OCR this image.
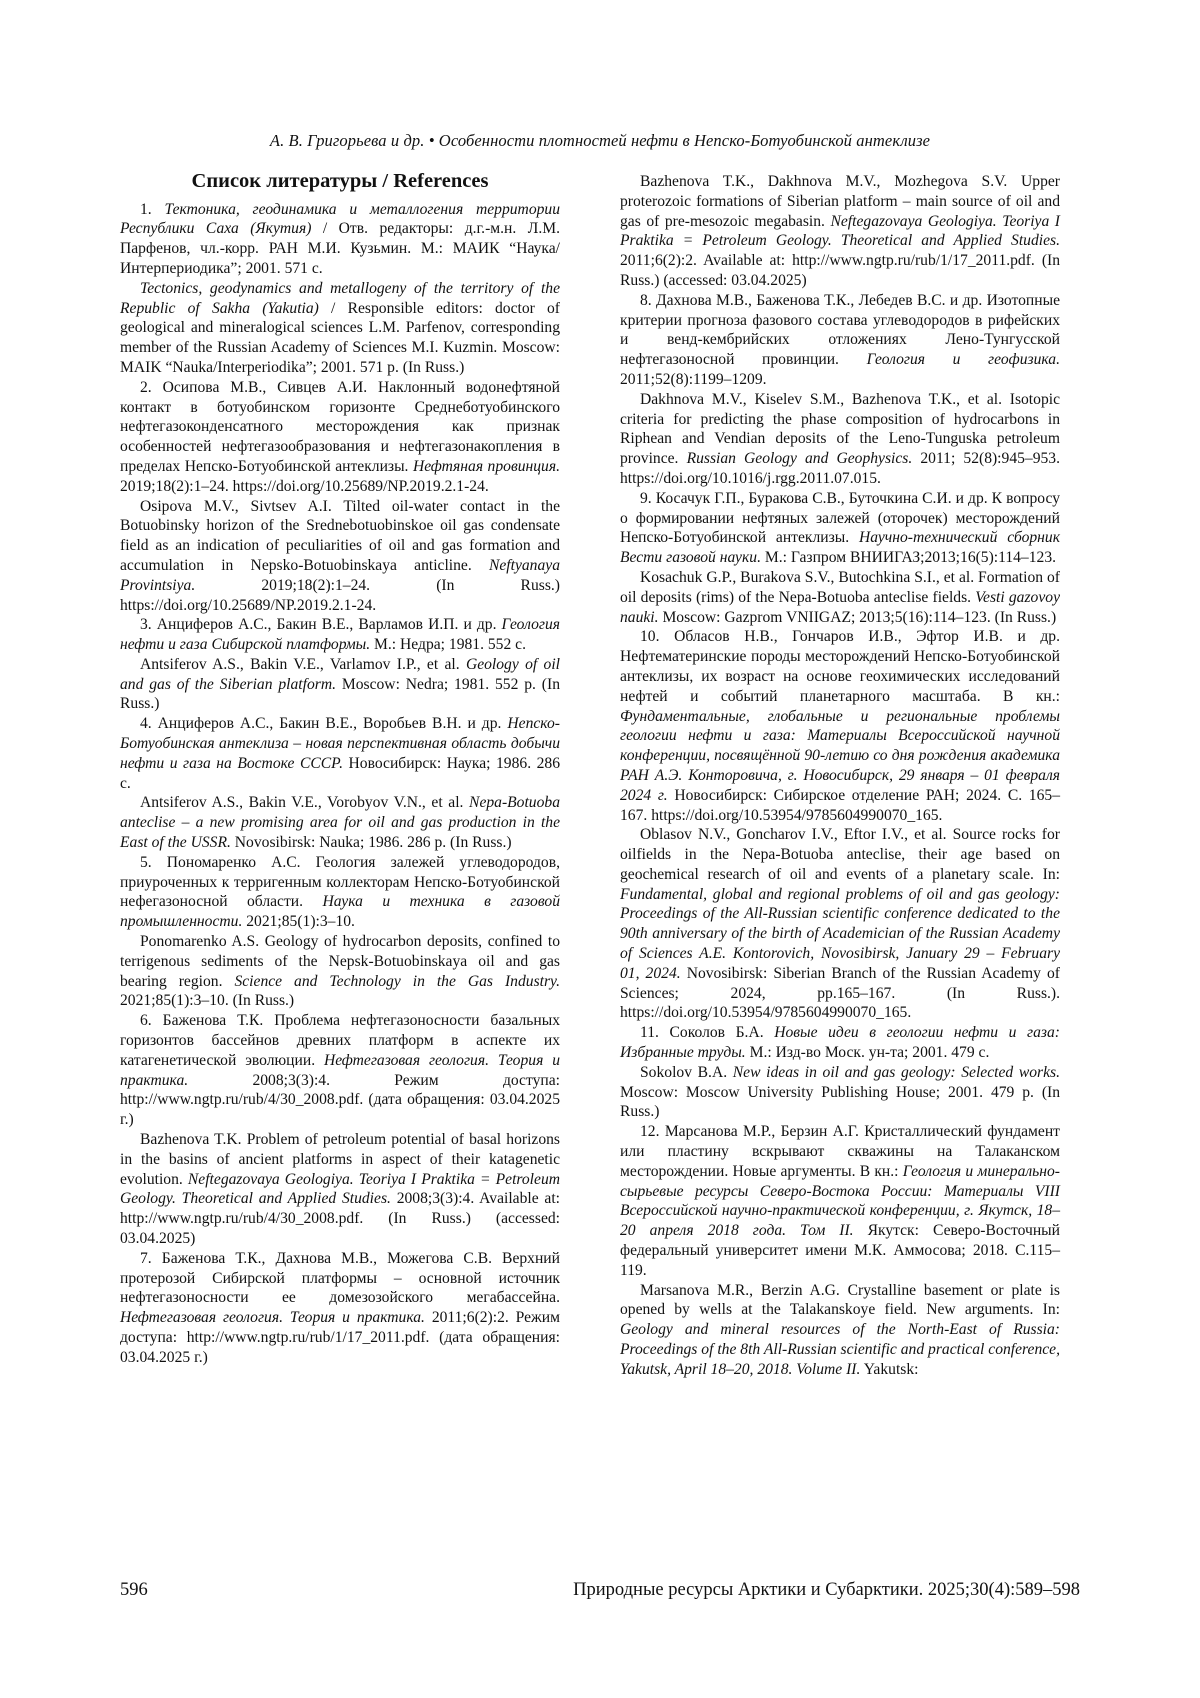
А. В. Григорьева и др. • Особенности плотностей нефти в Непско-Ботуобинской антеклизе
Список литературы / References

1. Тектоника, геодинамика и металлогения территории Республики Саха (Якутия) / Отв. редакторы: д.г.-м.н. Л.М. Парфенов, чл.-корр. РАН М.И. Кузьмин. М.: МАИК “Наука/Интерпериодика”; 2001. 571 с.

Tectonics, geodynamics and metallogeny of the territory of the Republic of Sakha (Yakutia) / Responsible editors: doctor of geological and mineralogical sciences L.M. Parfenov, corresponding member of the Russian Academy of Sciences M.I. Kuzmin. Moscow: MAIK “Nauka/Interperiodika”; 2001. 571 p. (In Russ.)

2. Осипова М.В., Сивцев А.И. Наклонный водонефтяной контакт в ботуобинском горизонте Среднеботуобинского нефтегазоконденсатного месторождения как признак особенностей нефтегазообразования и нефтегазонакопления в пределах Непско-Ботуобинской антеклизы. Нефтяная провинция. 2019;18(2):1–24. https://doi.org/10.25689/NP.2019.2.1-24.

Osipova M.V., Sivtsev A.I. Tilted oil-water contact in the Botuobinsky horizon of the Srednebotuobinskoe oil gas condensate field as an indication of peculiarities of oil and gas formation and accumulation in Nepsko-Botuobinskaya anticline. Neftyanaya Provintsiya. 2019;18(2):1–24. (In Russ.) https://doi.org/10.25689/NP.2019.2.1-24.

3. Анциферов А.С., Бакин В.Е., Варламов И.П. и др. Геология нефти и газа Сибирской платформы. М.: Недра; 1981. 552 с.

Antsiferov A.S., Bakin V.E., Varlamov I.P., et al. Geology of oil and gas of the Siberian platform. Moscow: Nedra; 1981. 552 p. (In Russ.)

4. Анциферов А.С., Бакин В.Е., Воробьев В.Н. и др. Непско-Ботуобинская антеклиза – новая перспективная область добычи нефти и газа на Востоке СССР. Новосибирск: Наука; 1986. 286 с.

Antsiferov A.S., Bakin V.E., Vorobyov V.N., et al. Nepa-Botuoba anteclise – a new promising area for oil and gas production in the East of the USSR. Novosibirsk: Nauka; 1986. 286 p. (In Russ.)

5. Пономаренко А.С. Геология залежей углеводородов, приуроченных к терригенным коллекторам Непско-Ботуобинской нефегазоносной области. Наука и техника в газовой промышленности. 2021;85(1):3–10.

Ponomarenko A.S. Geology of hydrocarbon deposits, confined to terrigenous sediments of the Nepsk-Botuobinskaya oil and gas bearing region. Science and Technology in the Gas Industry. 2021;85(1):3–10. (In Russ.)

6. Баженова Т.К. Проблема нефтегазоносности базальных горизонтов бассейнов древних платформ в аспекте их катагенетической эволюции. Нефтегазовая геология. Теория и практика. 2008;3(3):4. Режим доступа: http://www.ngtp.ru/rub/4/30_2008.pdf. (дата обращения: 03.04.2025 г.)

Bazhenova T.K. Problem of petroleum potential of basal horizons in the basins of ancient platforms in aspect of their katagenetic evolution. Neftegazovaya Geologiya. Teoriya I Praktika = Petroleum Geology. Theoretical and Applied Studies. 2008;3(3):4. Available at: http://www.ngtp.ru/rub/4/30_2008.pdf. (In Russ.) (accessed: 03.04.2025)

7. Баженова Т.К., Дахнова М.В., Можегова С.В. Верхний протерозой Сибирской платформы – основной источник нефтегазоносности ее домезозойского мегабассейна. Нефтегазовая геология. Теория и практика. 2011;6(2):2. Режим доступа: http://www.ngtp.ru/rub/1/17_2011.pdf. (дата обращения: 03.04.2025 г.)

Bazhenova T.K., Dakhnova M.V., Mozhegova S.V. Upper proterozoic formations of Siberian platform – main source of oil and gas of pre-mesozoic megabasin. Neftegazovaya Geologiya. Teoriya I Praktika = Petroleum Geology. Theoretical and Applied Studies. 2011;6(2):2. Available at: http://www.ngtp.ru/rub/1/17_2011.pdf. (In Russ.) (accessed: 03.04.2025)

8. Дахнова М.В., Баженова Т.К., Лебедев В.С. и др. Изотопные критерии прогноза фазового состава углеводородов в рифейских и венд-кембрийских отложениях Лено-Тунгусской нефтегазоносной провинции. Геология и геофизика. 2011;52(8):1199–1209.

Dakhnova M.V., Kiselev S.M., Bazhenova T.K., et al. Isotopic criteria for predicting the phase composition of hydrocarbons in Riphean and Vendian deposits of the Leno-Tunguska petroleum province. Russian Geology and Geophysics. 2011; 52(8):945–953. https://doi.org/10.1016/j.rgg.2011.07.015.

9. Косачук Г.П., Буракова С.В., Буточкина С.И. и др. К вопросу о формировании нефтяных залежей (оторочек) месторождений Непско-Ботуобинской антеклизы. Научно-технический сборник Вести газовой науки. М.: Газпром ВНИИГАЗ;2013;16(5):114–123.

Kosachuk G.P., Burakova S.V., Butochkina S.I., et al. Formation of oil deposits (rims) of the Nepa-Botuoba anteclise fields. Vesti gazovoy nauki. Moscow: Gazprom VNIIGAZ; 2013;5(16):114–123. (In Russ.)

10. Обласов Н.В., Гончаров И.В., Эфтор И.В. и др. Нефтематеринские породы месторождений Непско-Ботуобинской антеклизы, их возраст на основе геохимических исследований нефтей и событий планетарного масштаба. В кн.: Фундаментальные, глобальные и региональные проблемы геологии нефти и газа: Материалы Всероссийской научной конференции, посвящённой 90-летию со дня рождения академика РАН А.Э. Конторовича, г. Новосибирск, 29 января – 01 февраля 2024 г. Новосибирск: Сибирское отделение РАН; 2024. С. 165–167. https://doi.org/10.53954/9785604990070_165.

Oblasov N.V., Goncharov I.V., Eftor I.V., et al. Source rocks for oilfields in the Nepa-Botuoba anteclise, their age based on geochemical research of oil and events of a planetary scale. In: Fundamental, global and regional problems of oil and gas geology: Proceedings of the All-Russian scientific conference dedicated to the 90th anniversary of the birth of Academician of the Russian Academy of Sciences A.E. Kontorovich, Novosibirsk, January 29 – February 01, 2024. Novosibirsk: Siberian Branch of the Russian Academy of Sciences; 2024, pp.165–167. (In Russ.). https://doi.org/10.53954/9785604990070_165.

11. Соколов Б.А. Новые идеи в геологии нефти и газа: Избранные труды. М.: Изд-во Моск. ун-та; 2001. 479 с.

Sokolov B.A. New ideas in oil and gas geology: Selected works. Moscow: Moscow University Publishing House; 2001. 479 p. (In Russ.)

12. Марсанова М.Р., Берзин А.Г. Кристаллический фундамент или пластину вскрывают скважины на Талаканском месторождении. Новые аргументы. В кн.: Геология и минерально-сырьевые ресурсы Северо-Востока России: Материалы VIII Всероссийской научно-практической конференции, г. Якутск, 18–20 апреля 2018 года. Том II. Якутск: Северо-Восточный федеральный университет имени М.К. Аммосова; 2018. С.115–119.

Marsanova M.R., Berzin A.G. Crystalline basement or plate is opened by wells at the Talakanskoye field. New arguments. In: Geology and mineral resources of the North-East of Russia: Proceedings of the 8th All-Russian scientific and practical conference, Yakutsk, April 18–20, 2018. Volume II. Yakutsk:

596	Природные ресурсы Арктики и Субарктики. 2025;30(4):589–598
